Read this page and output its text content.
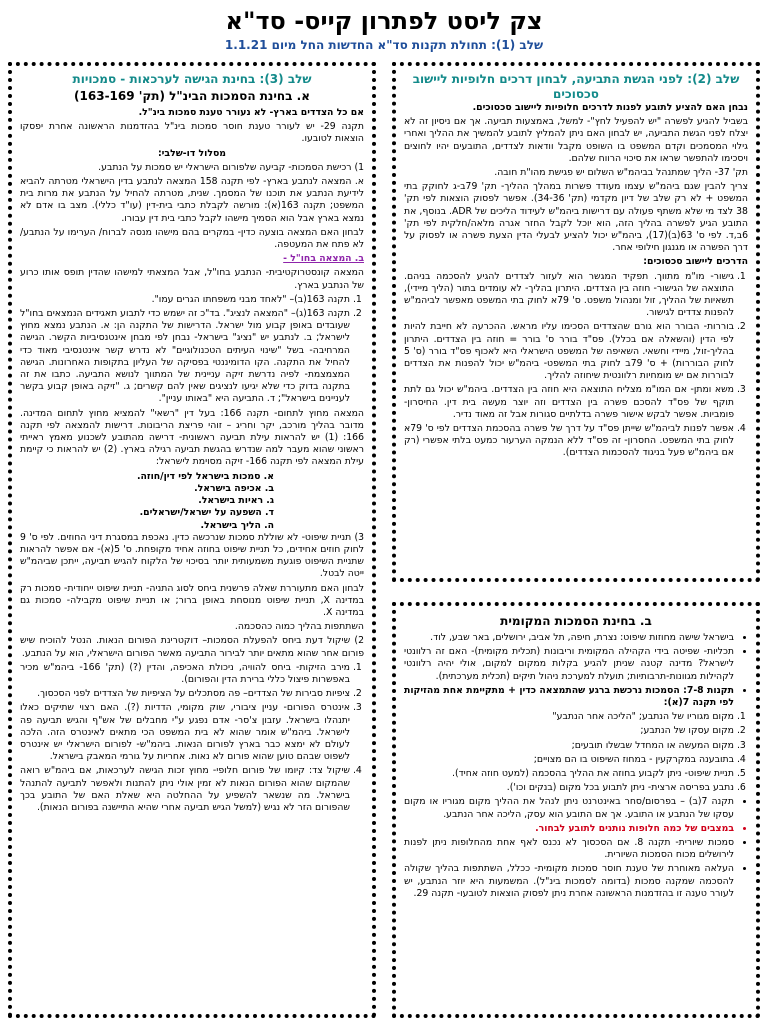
צק ליסט לפתרון קייס- סד"א
שלב (1): תחולת תקנות סד"א החדשות החל מיום 1.1.21
שלב (2): לפני הגשת התביעה, לבחון דרכים חלופיות ליישוב סכסוכים

נבחן האם להציע לתובע לפנות לדרכים חלופיות ליישוב סכסוכים.

בשביל להגיע לפשרה "יש להפעיל לחץ"- למשל, באמצעות תביעה. אך אם ניסיון זה לא יצלח לפני הגשת התביעה, יש לבחון האם ניתן להמליץ לתובע להמשיך את ההליך ואחרי גילוי המסמכים וקדם המשפט בו השופט מקבל וודאות לצדדים, התובעים יהיו לחוצים ויסכימו להתפשר שראו את סיכוי הרווח שלהם.

תק' 37- הליך שמתנהל בביהמ"ש השלום יש פגישת מהו"ת חובה.

צריך להבין שגם ביהמ"ש עצמו מעודד פשרות במהלך ההליך- תק' 79ב-ג לחוקק בתי המשפט + לא רק שלב של דיון מקדמי (תק' 34-36). אפשר לפסוק הוצאות לפי תק' 38 לצד מי שלא משתף פעולה עם דרישות ביהמ"ש לעידוד הליכים של ADR. בנוסף, את התובע הגיע לפשרה בהליך הזה, הוא יוכל לקבל החזר אגרה מלאה/חלקית לפי תק' 6ב,ד. לפי ס' 63(ב)(17), ביהמ"ש יכול להציע לבעלי הדין הצעת פשרה או לפסוק על דרך הפשרה או מגנגון חילופי אחר.

הדרכים ליישוב סכסוכים:

1. גישור- מו"מ מתווך. תפקיד המגשר הוא לעזור לצדדים להגיע להסכמה בניהם. התוצאה של הגישור- חוזה בין הצדדים. היתרון בהליך- לא עומדים בתור (הליך מיידי), תשאיות של ההליך, זול ומנהול משפט. ס' 79א לחוק בתי המשפט מאפשר לביהמ"ש להפנות צדדים לגישור.
2. בוררות- הבורר הוא גורם שהצדדים הסכימו עליו מראש. ההכרעה לא חייבת להיות לפי הדין (והשאלה אם בכלל). פס"ד בורר ס' בורר = חוזה בין הצדדים. היתרון בהליך-זול, מיידי וחשאי. השאיפה של המשפט הישראלי היא לאכוף פס"ד בורר (ס' 5 לחוק הבוררות) + ס' 79ב לחוק בתי המשפט- ביהמ"ש יכול להפנות את הצדדים לבוררות אם יש מומחיות רלוונטית שיחוזה להליך.
3. משא ומתן- אם המו"מ מצליח התוצאה היא חוזה בין הצדדים. ביהמ"ש יכול גם לתת תוקף של פס"ד להסכם פשרה בין הצדדים וזה יוצר מעשה בית דין. החיסרון- פומביות. אפשר לבקש אישור פשרה בדלתיים סגורות אבל זה מאוד נדיר.
4. אפשר לפנות לביהמ"ש שייתן פס"ד על דרך של פשרה בהסכמת הצדדים לפי ס' 79א לחוק בתי המשפט. החסרון- זה פס"ד ללא הנמקה הערעור כמעט בלתי אפשרי (רק אם ביהמ"ש פעל בניגוד להסכמות הצדדים).
ב. בחינת הסמכות המקומית
• בישראל שישה מחוזות שיפוט: נצרת, חיפה, תל אביב, ירושלים, באר שבע, לוד.
• תכליות- שפיטה בידי הקהילה המקומית וריבונות (תכלית מקומית)- האם זה רלוונטי לישראל? מדינה קטנה שניתן להגיע בקלות ממקום למקום, אולי יהיה רלוונטי לקהילות מגוונות-תרבותיות; תועלת למערכת ניהול תיקים (תכלית מערכתית).
• תקנות 7-8: הסמכות נרכשת ברגע שהתמצאה כדין + מתקיימת אחת מהזיקות לפי תקנה 7(א):
1. מקום מגוריו של הנתבע; "הליכה אחר הנתבע"
2. מקום עסקו של הנתבע;
3. מקום המעשה או המחדל שבשלו תובעים;
4. בתובענה במקרקעין - במחוז השיפוט בו הם מצויים;
5. תניית שיפוט- ניתן לקבוע בחוזה את ההליך בהסכמה (למעט חוזה אחיד).
6. נתבע בפריסה ארצית- ניתן לתבוע בכל מקום (בנקים וכו').
• תקנה 7(ב) – בפרסום/סחר באינטרנט ניתן לנהל את ההליך מקום מגוריו או מקום עסקו של הנתבע או התובע. אך אם התובע הוא עסק, הליכה אחר הנתבע.
• במצבים של כמה חלופות נותנים לתובע לבחור.
• סמכות שיורית- תקנה 8. אם הסכסוך לא נכנס לאף אחת מהחלופות ניתן לפנות לירושלים מכוח הסמכות השיורית.
• העלאה מאוחרת של טענת חוסר סמכות מקומית- ככלל, השתתפות בהליך שקולה להסכמה שמקנה סמכות (בדומה לסמכות בינ"ל). המשמעות היא יוזר הנתבע, יש לעורר טענה זו בהזדמנות הראשונה אחרת ניתן לפסוק הוצאות לטובעו- תקנה 29.
שלב (3): בחינת הגישה לערכאות - סמכויות
א. בחינת הסמכות הבינ"ל (תק' 163-169)

אם כל הצדדים בארץ- לא נעורר טענת סמכות בינ"ל.

תקנה 29- יש לעורר טענת חוסר סמכות בינ"ל בהזדמנות הראשונה אחרת יפסקו הוצאות לטובעו.

מסלול דו-שלבי:

1) רכישת הסמכות- קביעה שלפורום הישראלי יש סמכות על הנתבע.

א. המצאה לנתבע בארץ- לפי תקנה 158 המצאה לנתבע בדין הישראלי מטרתה להביא לידיעת הנתבע את תוכנו של המסמך. שנית, מטרתה להחיל על הנתבע את מרות בית המשפט; תקנה 163(א): מורשה לקבלת כתבי בית-דין (עו"ד כללי). מצב בו אדם לא נמצא בארץ אבל הוא הסמיך מישהו לקבל כתבי בית דין עבורו.

לבחון האם המצאה בוצעה כדין- במקרים בהם מישהו מנסה לברוח/ הערימו על הנתבע/ לא פתח את המעטפה.

ב. המצאה בחו"ל -

המצאה קונסטרוקטיבית- הנתבע בחו"ל, אבל המצאתי למישהו שהדין תופס אותו כרוע של הנתבע בארץ.

1. תקנה 163(ב)– "לאחד מבני משפחתו הגרים עמו".
2. תקנה 163(ג)– "המצאה לנציג". בד"כ זה ישמש כדי לתבוע תאגידים הנמצאים בחו"ל שעובדים באופן קבוע מול ישראל. הדרישות של התקנה הן: א. הנתבע נמצא מחוץ לישראל; ב. לנתבע יש "נציג" בישראל- נבחן לפי מבחן אינטנסיביות הקשר. הגישה המרחיבה- בשל "שינוי העיתים הטכנולוגיים" לא נדרש קשר אינטנסיבי מאוד כדי להחיל את התקנה. הקו הדומיננטי בפסיקה של העליון בתקופות האחרונות. הגישה המצמצמת- לפיה נדרשת זיקה עניינית של המתווך לנושא התביעה. כתבו את זה בתקנה בדוק כדי שלא יגיעו לנציגים שאין להם קשרים; ג. "זיקה באופן קבוע בקשר לעניינים בישראל"; ד. התביעה היא "באותו עניין".

המצאה מחוץ לתחום- תקנה 166: בעל דין "רשאי" להמציא מחוץ לתחום המדינה. מדובר בהליך מורכב, יקר וחריג – זוהי פריצת הריבונות. דרישות להמצאה לפי תקנה 166: (1) יש להראות עילת תביעה ראשונית- דרישה מהתובע לשכנוע מאמץ ראייתי ראשוני שהוא מעבר למה שנדרש בהגשת תביעה רגילה בארץ. (2) יש להראות כי קיימת עילת המצאה לפי תקנה 166- זיקה מסוימת לישראל:

א. סמכות בישראל לפי דין/חוזה.

ב. אכיפה בישראל.

ג. ראיות בישראל.

ד. השפעה על ישראל/ישראלים.

ה. הליך בישראל.

3) תניית שיפוט- לא שוללת סמכות שנרכשה כדין. נאכפת במסגרת דיני החוזים. לפי ס' 9 לחוק חוזים אחידים, כל תניית שיפוט בחוזה אחיד מקופחת. ס' 5(א)- אם אפשר להראות שתניית השיפוט פוגעת משמעותית יותר בסיכוי של הלקוח להגיש תביעה, ייתכן שביהמ"ש ייטה לבטל.

לבחון האם מתעוררת שאלה פרשנית ביחס לסוג התניה- תניית שיפוט ייחודית- סמכות רק במדינה X, תניית שיפוט מנוסחת באופן ברור; או תניית שיפוט מקבילה- סמכות גם במדינה X.

השתתפות בהליך כמוה כהסכמה.

2) שיקול דעת ביחס להפעלת הסמכות– דוקטרינת הפורום הנאות. הנטל להוכיח שיש פורום אחר שהוא מתאים יותר לבירור התביעה מאשר הפורום הישראלי, הוא על הנתבע.

1. מירב הזיקות- ביחס להוויה, ניכולת האכיפה, והדין (?) (תק' 166- ביהמ"ש מכיר באפשרות פיצול כללי ברירת הדין והפורום).
2. ציפיות סבירות של הצדדים– פה מסתכלים על הציפיות של הצדדים לפני הסכסוך.
3. אינטרס הפורום- עניין ציבורי, שוק מקומי, הדדיות (?). האם רצוי שתיקים כאלו יתנהלו בישראל. עזבון צ'סר- אדם נפגע ע"י מחבלים של אש"ף והגיש תביעה פה לישראל. ביהמ"ש אומר שהוא לא בית המשפט הכי מתאים לאינטרס הזה. הלכה לעולם לא ימצא כבר בארץ לפורום הנאות. ביהמ"ש- לפורום הישראלי יש אינטרס לשפוט שבהם טוען שהוא פורום לא נאות. אחריות על גורמי המאבק בישראל.
4. שיקול צד: קיומו של פורום חלופי- מחוץ זכות הגישה לערכאות, אם ביהמ"ש רואה שהמקום שהוא הפורום הנאות לא זמין אולי ניתן להתנות ולאפשר לתביעה להתנהל בישראל. מה שנשאר להשפיע על ההחלטה היא שאלת האם של התובע בכך שהפורום הזר לא נגיש (למשל הגיש תביעה אחרי שהיא התיישנה בפורום הנאות).
